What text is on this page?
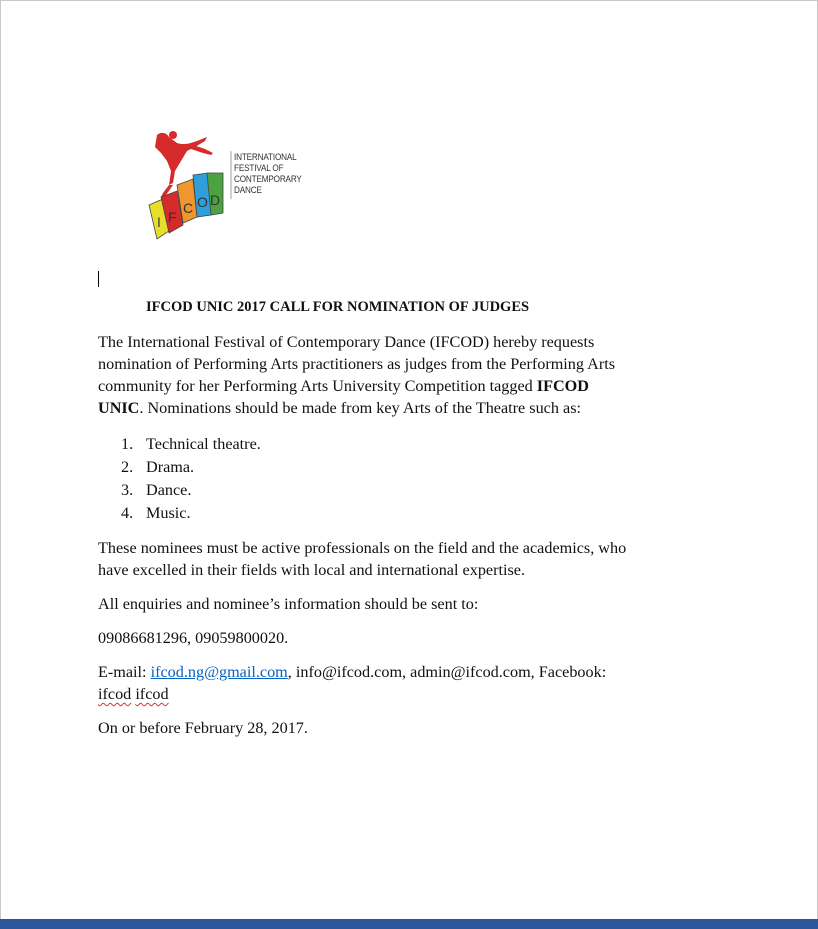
I F
C O D
INTERNATIONAL
FESTIVAL OF
CONTEMPORARY
DANCE
IFCOD UNIC 2017 CALL FOR NOMINATION OF JUDGES
The International Festival of Contemporary Dance (IFCOD) hereby requests
nomination of Performing Arts practitioners as judges from the Performing Arts
community for her Performing Arts University Competition tagged IFCOD
UNIC. Nominations should be made from key Arts of the Theatre such as:
1. Technical theatre.
2. Drama.
3. Dance.
4. Music.
These nominees must be active professionals on the field and the academics, who
have excelled in their fields with local and international expertise.
All enquiries and nominee’s information should be sent to:
09086681296, 09059800020.
E-mail: ifcod.ng@gmail.com, info@ifcod.com, admin@ifcod.com, Facebook:
ifcod ifcod
On or before February 28, 2017.
